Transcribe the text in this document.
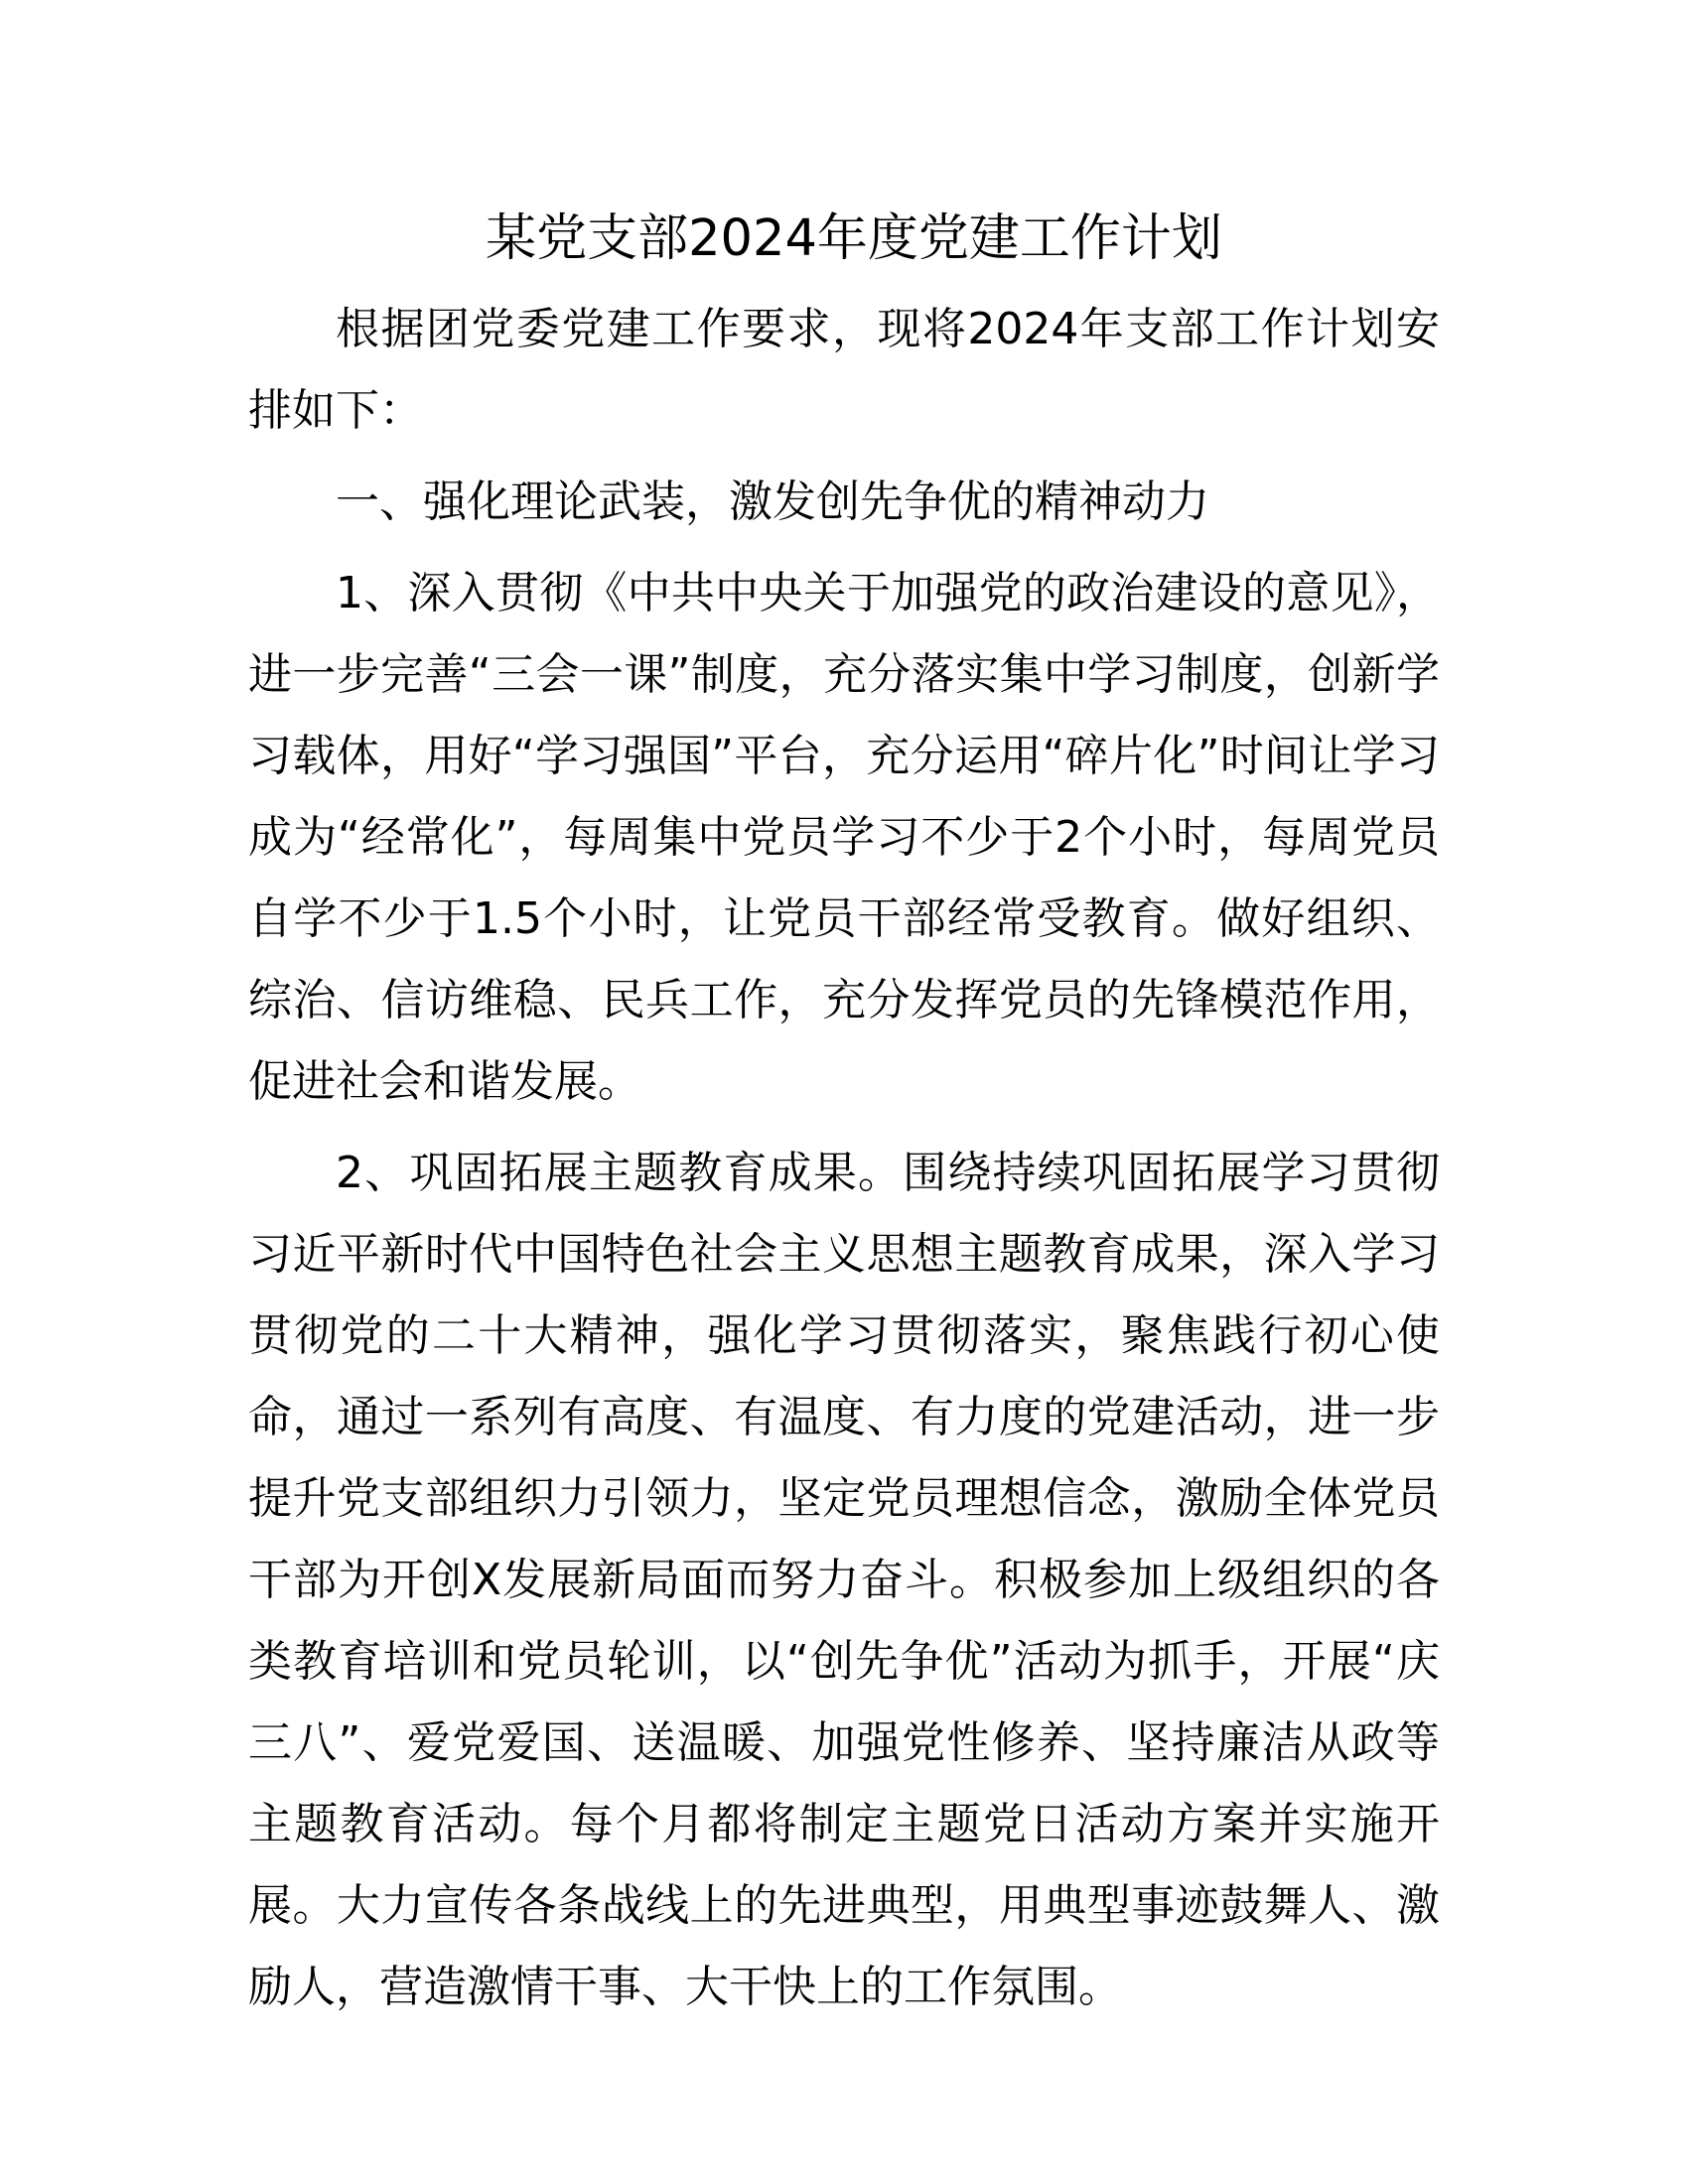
某党支部2024年度党建工作计划

根据团党委党建工作要求，现将2024年支部工作计划安排如下：

一、强化理论武装，激发创先争优的精神动力

1、深入贯彻《中共中央关于加强党的政治建设的意见》，进一步完善“三会一课”制度，充分落实集中学习制度，创新学习载体，用好“学习强国”平台，充分运用“碎片化”时间让学习成为“经常化”，每周集中党员学习不少于2个小时，每周党员自学不少于1.5个小时，让党员干部经常受教育。做好组织、综治、信访维稳、民兵工作，充分发挥党员的先锋模范作用，促进社会和谐发展。

2、巩固拓展主题教育成果。围绕持续巩固拓展学习贯彻习近平新时代中国特色社会主义思想主题教育成果，深入学习贯彻党的二十大精神，强化学习贯彻落实，聚焦践行初心使命，通过一系列有高度、有温度、有力度的党建活动，进一步提升党支部组织力引领力，坚定党员理想信念，激励全体党员干部为开创X发展新局面而努力奋斗。积极参加上级组织的各类教育培训和党员轮训，以“创先争优”活动为抓手，开展“庆三八”、爱党爱国、送温暖、加强党性修养、坚持廉洁从政等主题教育活动。每个月都将制定主题党日活动方案并实施开展。大力宣传各条战线上的先进典型，用典型事迹鼓舞人、激励人，营造激情干事、大干快上的工作氛围。
